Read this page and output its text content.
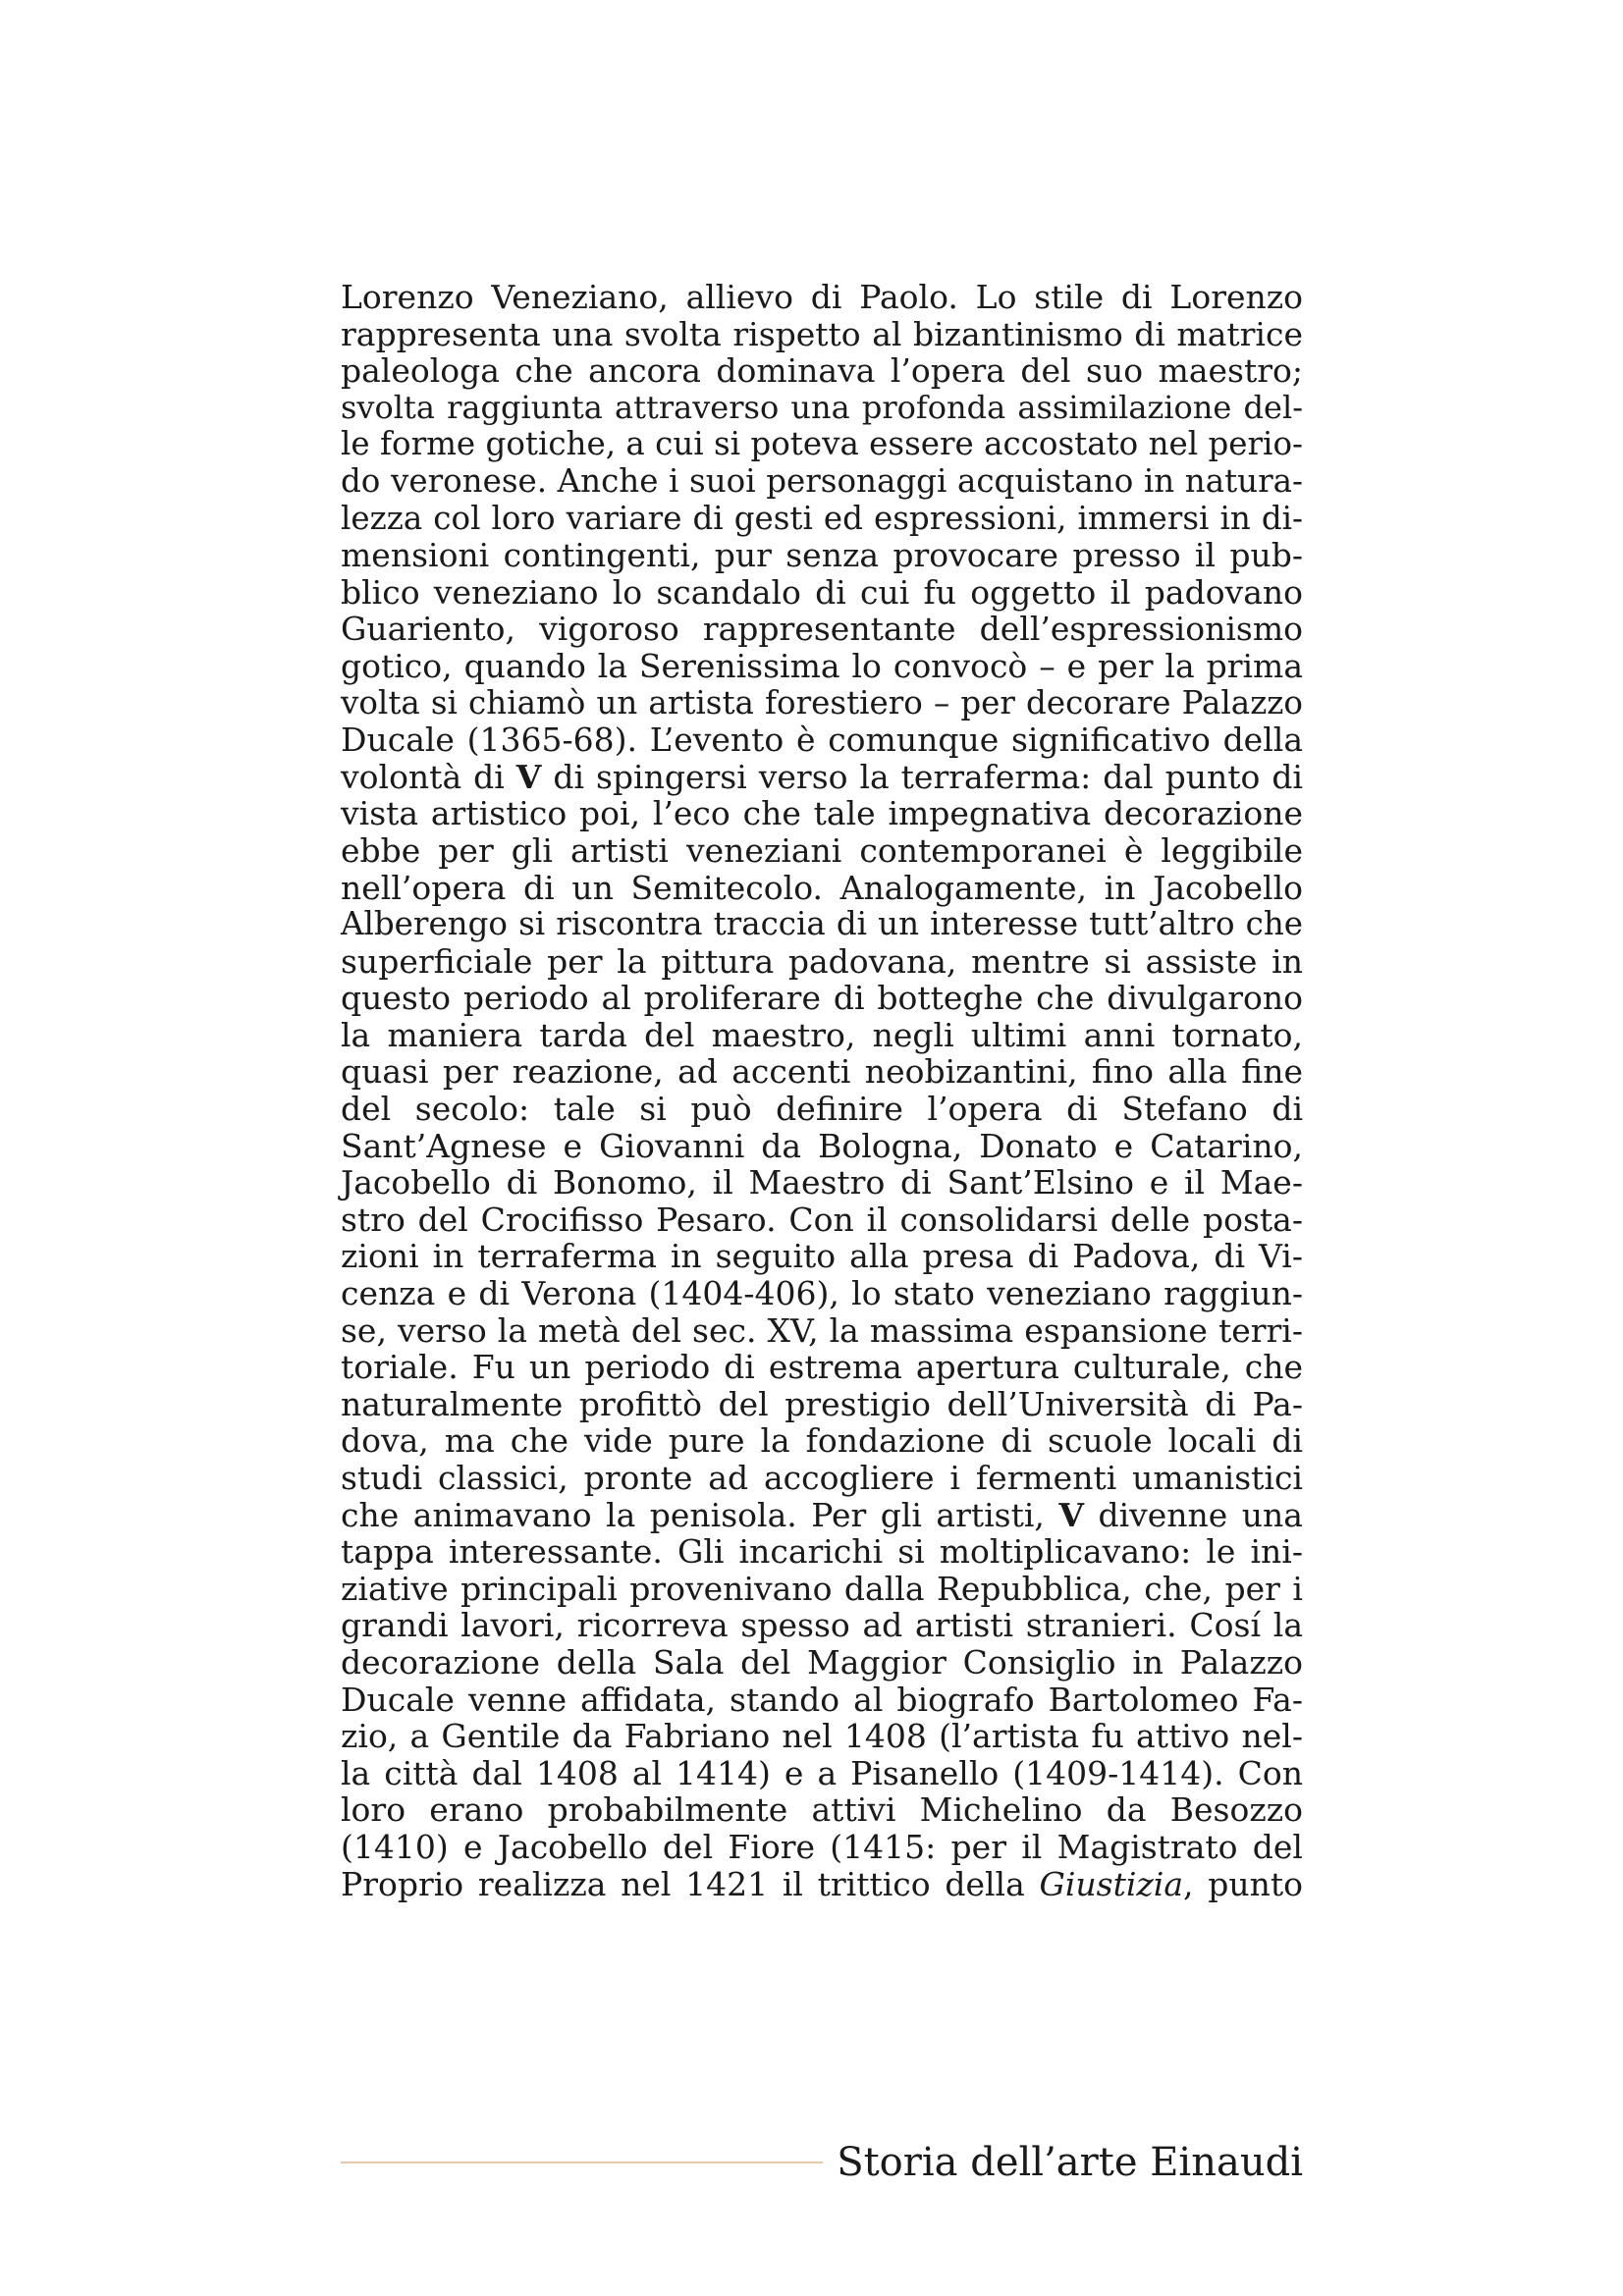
Lorenzo Veneziano, allievo di Paolo. Lo stile di Lorenzo
rappresenta una svolta rispetto al bizantinismo di matrice
paleologa che ancora dominava l’opera del suo maestro;
svolta raggiunta attraverso una profonda assimilazione del-
le forme gotiche, a cui si poteva essere accostato nel perio-
do veronese. Anche i suoi personaggi acquistano in natura-
lezza col loro variare di gesti ed espressioni, immersi in di-
mensioni contingenti, pur senza provocare presso il pub-
blico veneziano lo scandalo di cui fu oggetto il padovano
Guariento, vigoroso rappresentante dell’espressionismo
gotico, quando la Serenissima lo convocò – e per la prima
volta si chiamò un artista forestiero – per decorare Palazzo
Ducale (1365-68). L’evento è comunque significativo della
volontà di V di spingersi verso la terraferma: dal punto di
vista artistico poi, l’eco che tale impegnativa decorazione
ebbe per gli artisti veneziani contemporanei è leggibile
nell’opera di un Semitecolo. Analogamente, in Jacobello
Alberengo si riscontra traccia di un interesse tutt’altro che
superficiale per la pittura padovana, mentre si assiste in
questo periodo al proliferare di botteghe che divulgarono
la maniera tarda del maestro, negli ultimi anni tornato,
quasi per reazione, ad accenti neobizantini, fino alla fine
del secolo: tale si può definire l’opera di Stefano di
Sant’Agnese e Giovanni da Bologna, Donato e Catarino,
Jacobello di Bonomo, il Maestro di Sant’Elsino e il Mae-
stro del Crocifisso Pesaro. Con il consolidarsi delle posta-
zioni in terraferma in seguito alla presa di Padova, di Vi-
cenza e di Verona (1404-406), lo stato veneziano raggiun-
se, verso la metà del sec. XV, la massima espansione terri-
toriale. Fu un periodo di estrema apertura culturale, che
naturalmente profittò del prestigio dell’Università di Pa-
dova, ma che vide pure la fondazione di scuole locali di
studi classici, pronte ad accogliere i fermenti umanistici
che animavano la penisola. Per gli artisti, V divenne una
tappa interessante. Gli incarichi si moltiplicavano: le ini-
ziative principali provenivano dalla Repubblica, che, per i
grandi lavori, ricorreva spesso ad artisti stranieri. Cosí la
decorazione della Sala del Maggior Consiglio in Palazzo
Ducale venne affidata, stando al biografo Bartolomeo Fa-
zio, a Gentile da Fabriano nel 1408 (l’artista fu attivo nel-
la città dal 1408 al 1414) e a Pisanello (1409-1414). Con
loro erano probabilmente attivi Michelino da Besozzo
(1410) e Jacobello del Fiore (1415: per il Magistrato del
Proprio realizza nel 1421 il trittico della Giustizia, punto
Storia dell’arte Einaudi
